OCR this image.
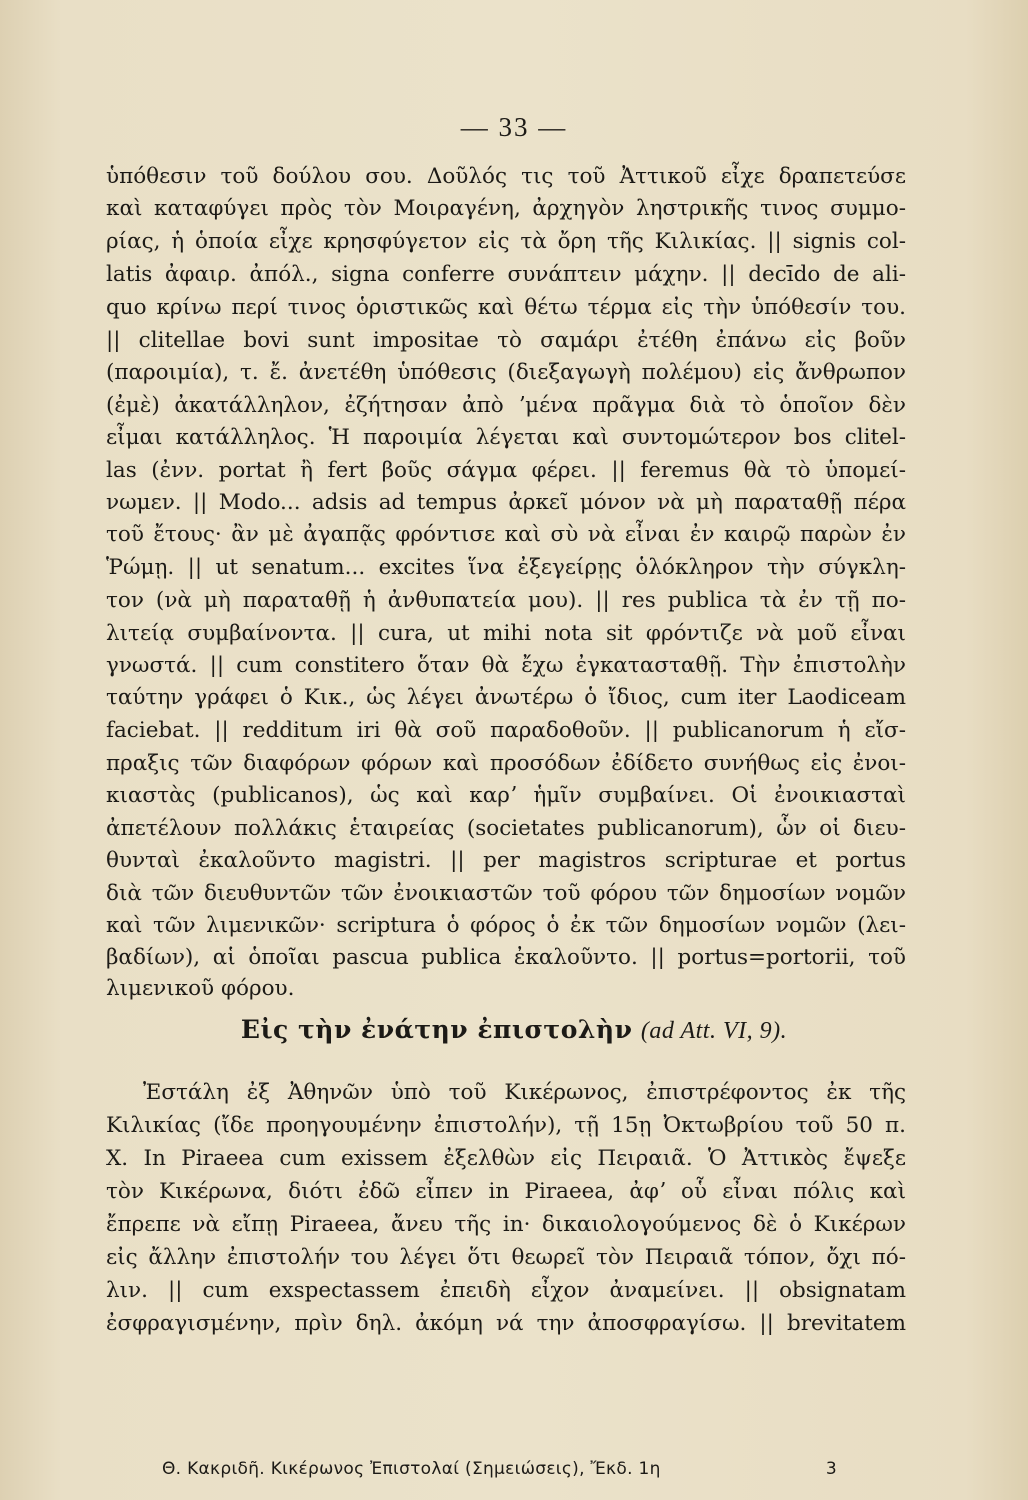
— 33 —
ὑπόθεσιν τοῦ δούλου σου. Δοῦλός τις τοῦ Ἀττικοῦ εἶχε δραπετεύσε
καὶ καταφύγει πρὸς τὸν Μοιραγένη, ἀρχηγὸν ληστρικῆς τινος συμμο-
ρίας, ἡ ὁποία εἶχε κρησφύγετον εἰς τὰ ὄρη τῆς Κιλικίας. || signis col-
latis ἀφαιρ. ἀπόλ., signa conferre συνάπτειν μάχην. || decīdo de ali-
quo κρίνω περί τινος ὁριστικῶς καὶ θέτω τέρμα εἰς τὴν ὑπόθεσίν του.
|| clitellae bovi sunt impositae τὸ σαμάρι ἐτέθη ἐπάνω εἰς βοῦν
(παροιμία), τ. ἔ. ἀνετέθη ὑπόθεσις (διεξαγωγὴ πολέμου) εἰς ἄνθρωπον
(ἐμὲ) ἀκατάλληλον, ἐζήτησαν ἀπὸ ʼμένα πρᾶγμα διὰ τὸ ὁποῖον δὲν
εἶμαι κατάλληλος. Ἡ παροιμία λέγεται καὶ συντομώτερον bos clitel-
las (ἐνν. portat ἢ fert βοῦς σάγμα φέρει. || feremus θὰ τὸ ὑπομεί-
νωμεν. || Modo... adsis ad tempus ἀρκεῖ μόνον νὰ μὴ παραταθῇ πέρα
τοῦ ἔτους· ἂν μὲ ἀγαπᾷς φρόντισε καὶ σὺ νὰ εἶναι ἐν καιρῷ παρὼν ἐν
Ῥώμῃ. || ut senatum... excites ἵνα ἐξεγείρῃς ὁλόκληρον τὴν σύγκλη-
τον (νὰ μὴ παραταθῇ ἡ ἀνθυπατεία μου). || res publica τὰ ἐν τῇ πο-
λιτείᾳ συμβαίνοντα. || cura, ut mihi nota sit φρόντιζε νὰ μοῦ εἶναι
γνωστά. || cum constitero ὅταν θὰ ἔχω ἐγκατασταθῇ. Τὴν ἐπιστολὴν
ταύτην γράφει ὁ Κικ., ὡς λέγει ἀνωτέρω ὁ ἴδιος, cum iter Laodiceam
faciebat. || redditum iri θὰ σοῦ παραδοθοῦν. || publicanorum ἡ εἴσ-
πραξις τῶν διαφόρων φόρων καὶ προσόδων ἐδίδετο συνήθως εἰς ἐνοι-
κιαστὰς (publicanos), ὡς καὶ καρʼ ἡμῖν συμβαίνει. Οἱ ἐνοικιασταὶ
ἀπετέλουν πολλάκις ἑταιρείας (societates publicanorum), ὧν οἱ διευ-
θυνταὶ ἐκαλοῦντο magistri. || per magistros scripturae et portus
διὰ τῶν διευθυντῶν τῶν ἐνοικιαστῶν τοῦ φόρου τῶν δημοσίων νομῶν
καὶ τῶν λιμενικῶν· scriptura ὁ φόρος ὁ ἐκ τῶν δημοσίων νομῶν (λει-
βαδίων), αἱ ὁποῖαι pascua publica ἐκαλοῦντο. || portus=portorii, τοῦ
λιμενικοῦ φόρου.
Εἰς τὴν ἐνάτην ἐπιστολὴν (ad Att. VI, 9).
Ἐστάλη ἐξ Ἀθηνῶν ὑπὸ τοῦ Κικέρωνος, ἐπιστρέφοντος ἐκ τῆς
Κιλικίας (ἴδε προηγουμένην ἐπιστολήν), τῇ 15ῃ Ὀκτωβρίου τοῦ 50 π.
Χ. In Piraeea cum exissem ἐξελθὼν εἰς Πειραιᾶ. Ὁ Ἀττικὸς ἔψεξε
τὸν Κικέρωνα, διότι ἐδῶ εἶπεν in Piraeea, ἀφʼ οὗ εἶναι πόλις καὶ
ἔπρεπε νὰ εἴπῃ Piraeea, ἄνευ τῆς in· δικαιολογούμενος δὲ ὁ Κικέρων
εἰς ἄλλην ἐπιστολήν του λέγει ὅτι θεωρεῖ τὸν Πειραιᾶ τόπον, ὄχι πό-
λιν. || cum exspectassem ἐπειδὴ εἶχον ἀναμείνει. || obsignatam
ἐσφραγισμένην, πρὶν δηλ. ἀκόμη νά την ἀποσφραγίσω. || brevitatem
Θ. Κακριδῆ. Κικέρωνος Ἐπιστολαί (Σημειώσεις), Ἔκδ. 1η	3
